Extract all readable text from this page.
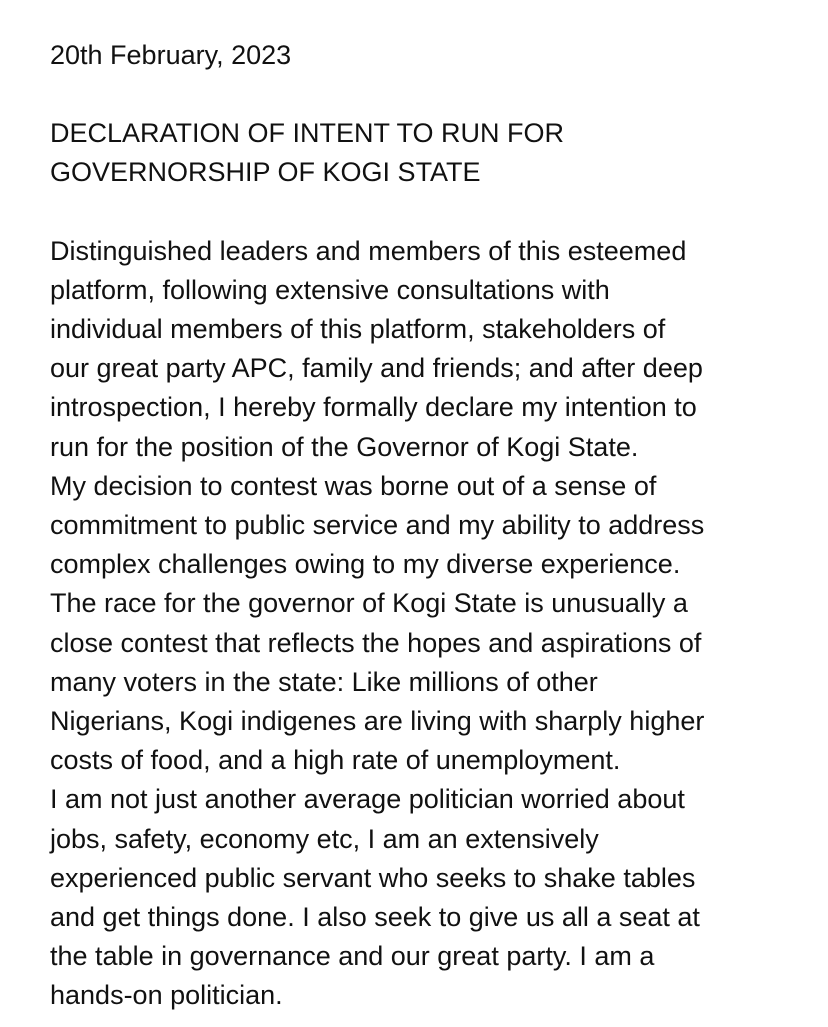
20th February, 2023
DECLARATION OF INTENT TO RUN FOR
GOVERNORSHIP OF KOGI STATE
Distinguished leaders and members of this esteemed
platform, following extensive consultations with
individual members of this platform, stakeholders of
our great party APC, family and friends; and after deep
introspection, I hereby formally declare my intention to
run for the position of the Governor of Kogi State.
My decision to contest was borne out of a sense of
commitment to public service and my ability to address
complex challenges owing to my diverse experience.
The race for the governor of Kogi State is unusually a
close contest that reflects the hopes and aspirations of
many voters in the state: Like millions of other
Nigerians, Kogi indigenes are living with sharply higher
costs of food, and a high rate of unemployment.
I am not just another average politician worried about
jobs, safety, economy etc, I am an extensively
experienced public servant who seeks to shake tables
and get things done. I also seek to give us all a seat at
the table in governance and our great party. I am a
hands-on politician.
